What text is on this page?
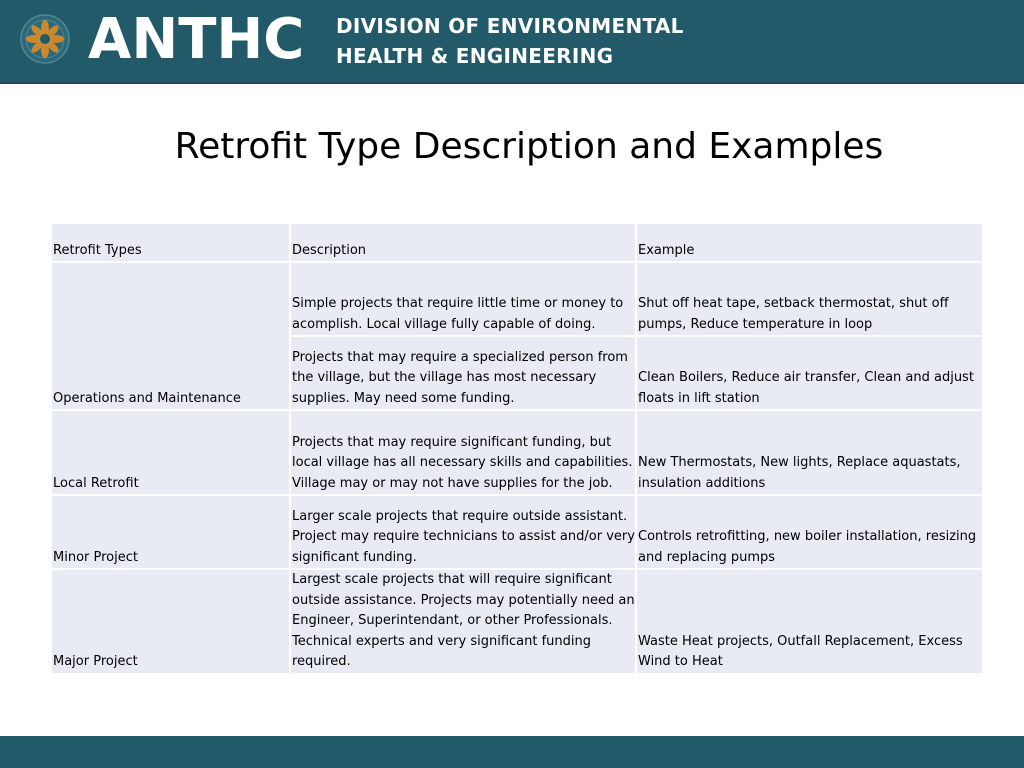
ANTHC DIVISION OF ENVIRONMENTAL
HEALTH & ENGINEERING
Retrofit Type Description and Examples
Retrofit Types	Description	Example
Operations and Maintenance	Simple projects that require little time or money to acomplish. Local village fully capable of doing.	Shut off heat tape, setback thermostat, shut off pumps, Reduce temperature in loop
	Projects that may require a specialized person from the village, but the village has most necessary supplies. May need some funding.	Clean Boilers, Reduce air transfer, Clean and adjust floats in lift station
Local Retrofit	Projects that may require significant funding, but local village has all necessary skills and capabilities. Village may or may not have supplies for the job.	New Thermostats, New lights, Replace aquastats, insulation additions
Minor Project	Larger scale projects that require outside assistant. Project may require technicians to assist and/or very significant funding.	Controls retrofitting, new boiler installation, resizing and replacing pumps
Major Project	Largest scale projects that will require significant outside assistance. Projects may potentially need an Engineer, Superintendant, or other Professionals. Technical experts and very significant funding required.	Waste Heat projects, Outfall Replacement, Excess Wind to Heat
